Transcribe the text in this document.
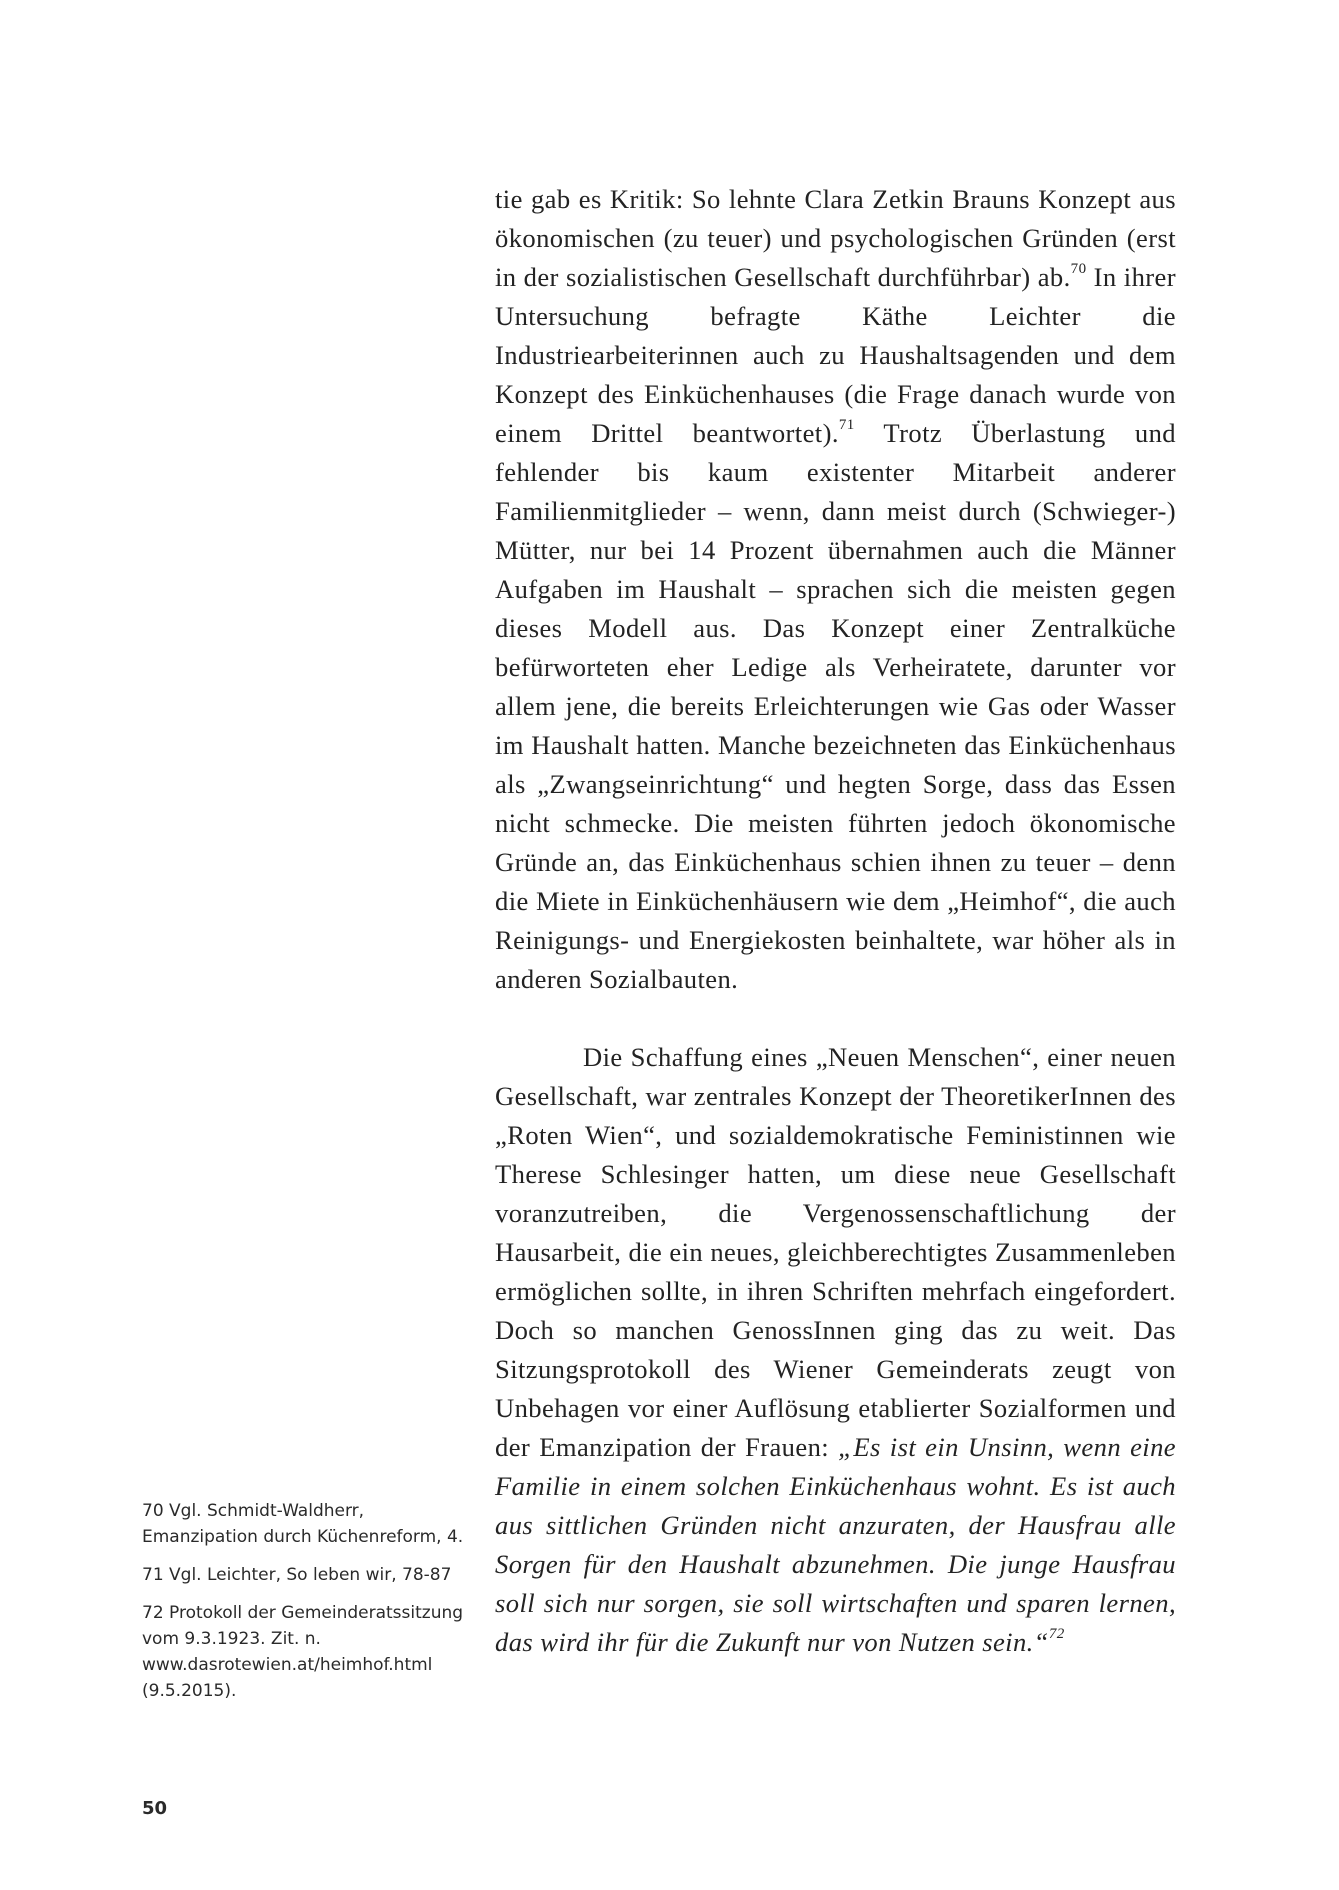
tie gab es Kritik: So lehnte Clara Zetkin Brauns Konzept aus ökonomischen (zu teuer) und psychologischen Gründen (erst in der sozialistischen Gesellschaft durchführbar) ab.$^{70}$ In ihrer Untersuchung befragte Käthe Leichter die Industriearbeiterinnen auch zu Haushaltsagenden und dem Konzept des Einküchenhauses (die Frage danach wurde von einem Drittel beantwortet).$^{71}$ Trotz Überlastung und fehlender bis kaum existenter Mitarbeit anderer Familienmitglieder – wenn, dann meist durch (Schwieger-) Mütter, nur bei 14 Prozent übernahmen auch die Männer Aufgaben im Haushalt – sprachen sich die meisten gegen dieses Modell aus. Das Konzept einer Zentralküche befürworteten eher Ledige als Verheiratete, darunter vor allem jene, die bereits Erleichterungen wie Gas oder Wasser im Haushalt hatten. Manche bezeichneten das Einküchenhaus als „Zwangseinrichtung“ und hegten Sorge, dass das Essen nicht schmecke. Die meisten führten jedoch ökonomische Gründe an, das Einküchenhaus schien ihnen zu teuer – denn die Miete in Einküchenhäusern wie dem „Heimhof“, die auch Reinigungs- und Energiekosten beinhaltete, war höher als in anderen Sozialbauten.

Die Schaffung eines „Neuen Menschen“, einer neuen Gesellschaft, war zentrales Konzept der TheoretikerInnen des „Roten Wien“, und sozialdemokratische Feministinnen wie Therese Schlesinger hatten, um diese neue Gesellschaft voranzutreiben, die Vergenossenschaftlichung der Hausarbeit, die ein neues, gleichberechtigtes Zusammenleben ermöglichen sollte, in ihren Schriften mehrfach eingefordert. Doch so manchen GenossInnen ging das zu weit. Das Sitzungsprotokoll des Wiener Gemeinderats zeugt von Unbehagen vor einer Auflösung etablierter Sozialformen und der Emanzipation der Frauen: „Es ist ein Unsinn, wenn eine Familie in einem solchen Einküchenhaus wohnt. Es ist auch aus sittlichen Gründen nicht anzuraten, der Hausfrau alle Sorgen für den Haushalt abzunehmen. Die junge Hausfrau soll sich nur sorgen, sie soll wirtschaften und sparen lernen, das wird ihr für die Zukunft nur von Nutzen sein.“$^{72}$

70 Vgl. Schmidt-Waldherr, Emanzipation durch Küchenreform, 4.

71 Vgl. Leichter, So leben wir, 78-87

72 Protokoll der Gemeinderatssitzung vom 9.3.1923. Zit. n. www.dasrotewien.at/heimhof.html (9.5.2015).

50
